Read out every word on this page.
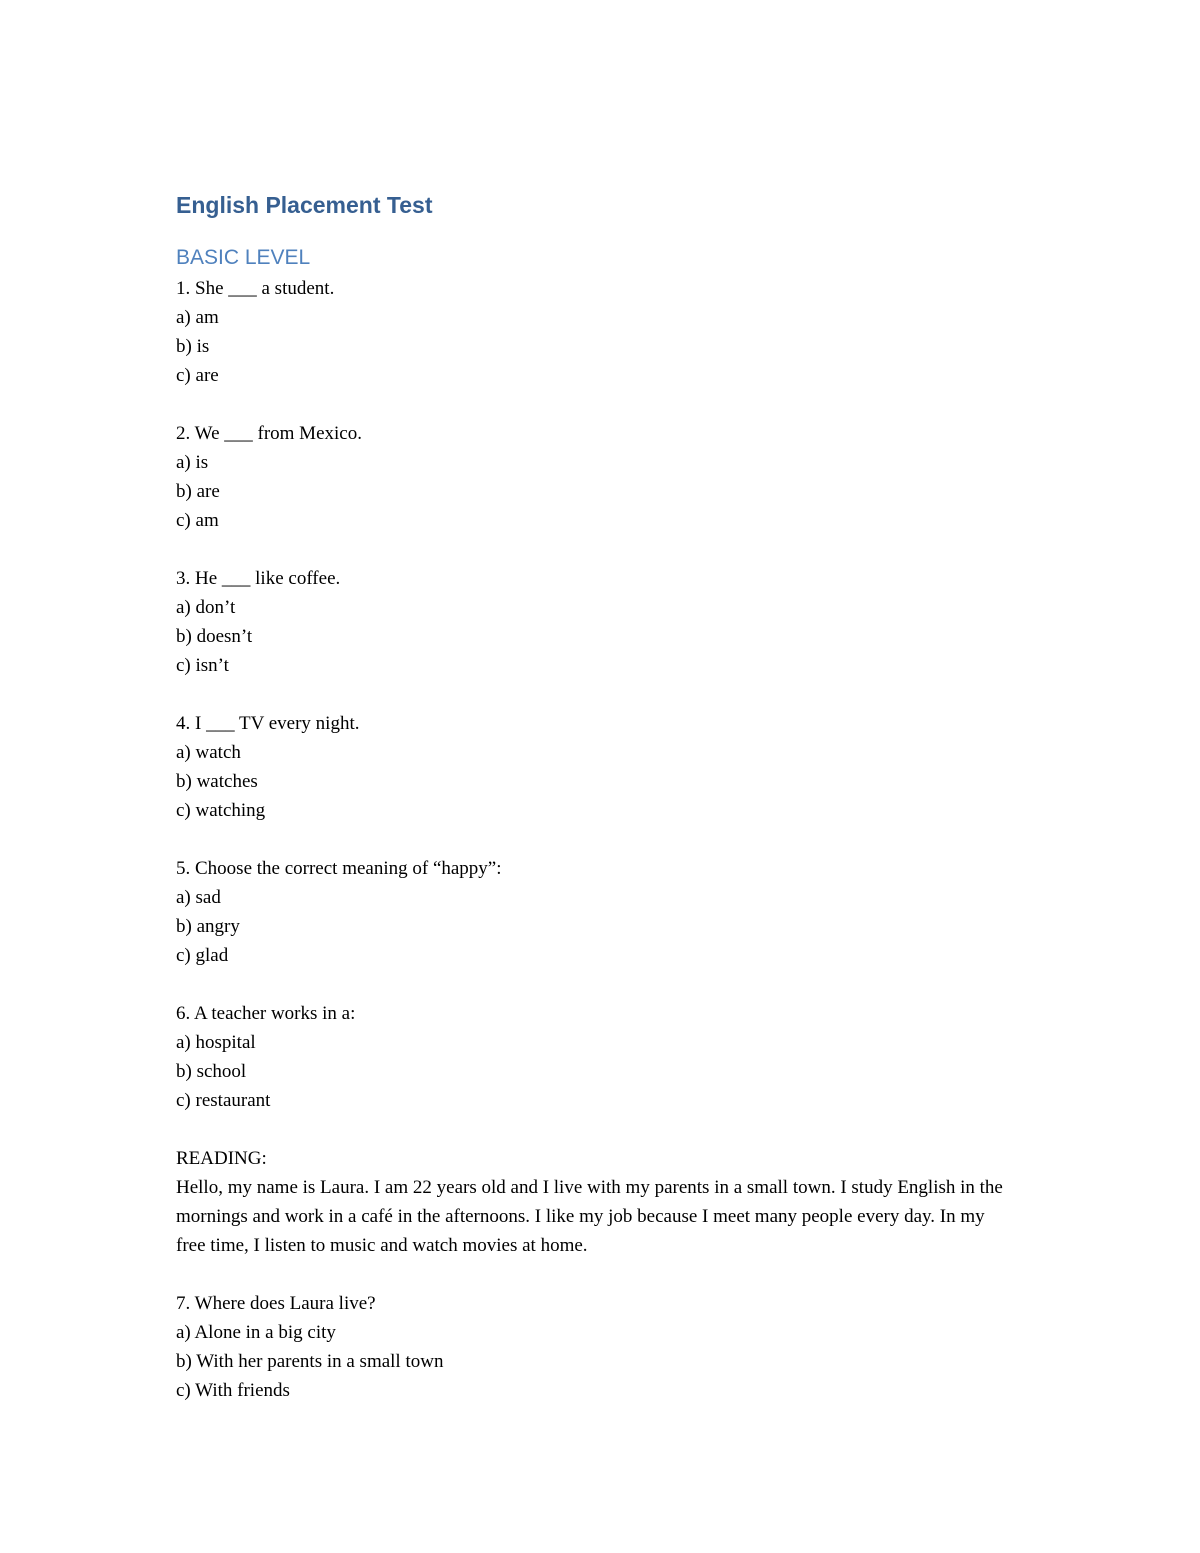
English Placement Test
BASIC LEVEL
1. She ___ a student.
a) am
b) is
c) are
2. We ___ from Mexico.
a) is
b) are
c) am
3. He ___ like coffee.
a) don’t
b) doesn’t
c) isn’t
4. I ___ TV every night.
a) watch
b) watches
c) watching
5. Choose the correct meaning of “happy”:
a) sad
b) angry
c) glad
6. A teacher works in a:
a) hospital
b) school
c) restaurant
READING:
Hello, my name is Laura. I am 22 years old and I live with my parents in a small town. I study English in the mornings and work in a café in the afternoons. I like my job because I meet many people every day. In my free time, I listen to music and watch movies at home.
7. Where does Laura live?
a) Alone in a big city
b) With her parents in a small town
c) With friends
